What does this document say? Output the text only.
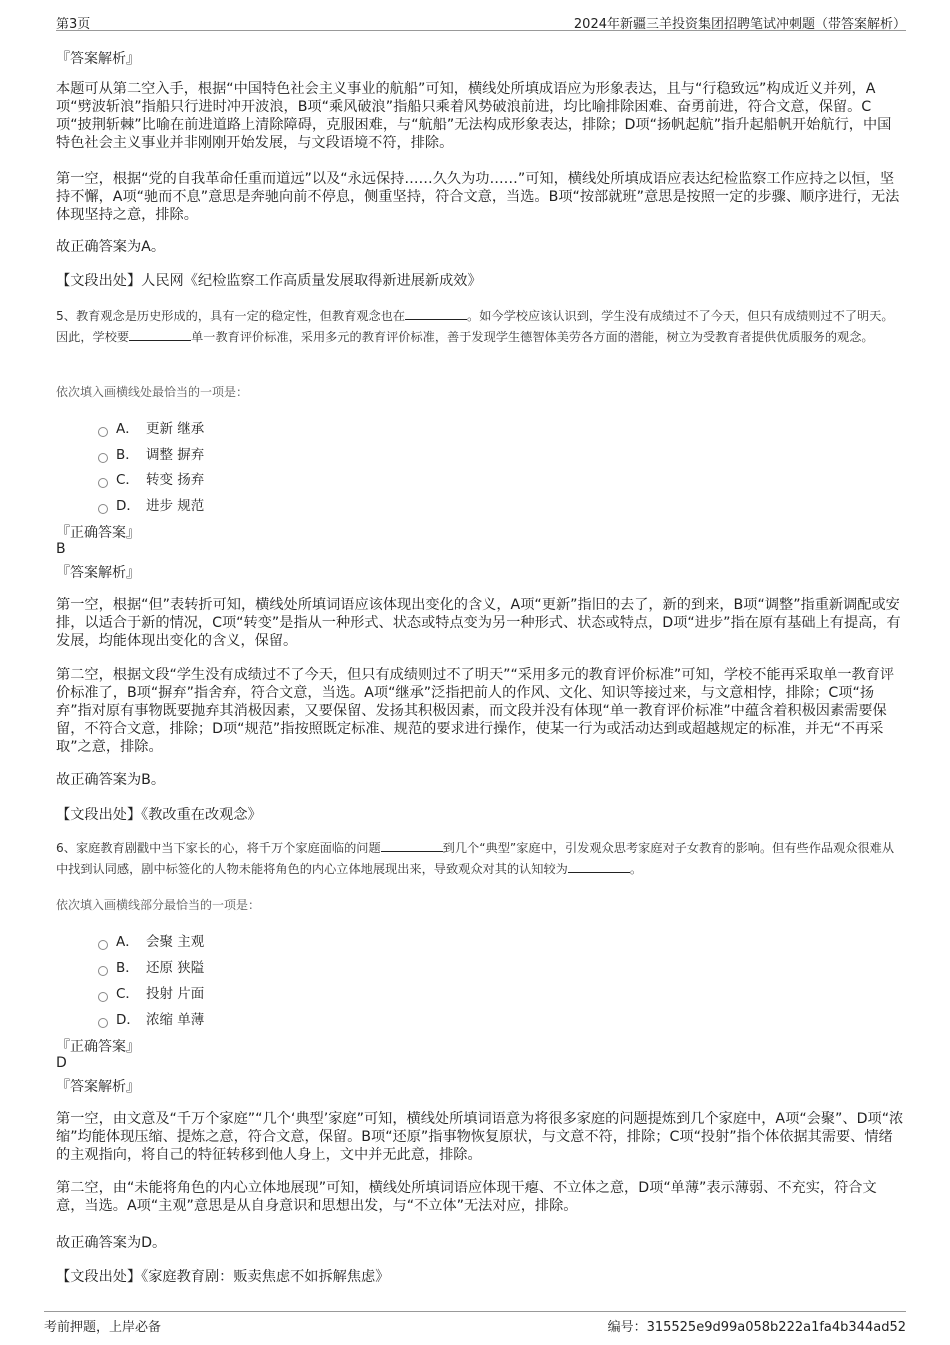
第3页	2024年新疆三羊投资集团招聘笔试冲刺题（带答案解析）
『答案解析』
本题可从第二空入手，根据“中国特色社会主义事业的航船”可知，横线处所填成语应为形象表达，且与“行稳致远”构成近义并列，A项“劈波斩浪”指船只行进时冲开波浪，B项“乘风破浪”指船只乘着风势破浪前进，均比喻排除困难、奋勇前进，符合文意，保留。C项“披荆斩棘”比喻在前进道路上清除障碍，克服困难，与“航船”无法构成形象表达，排除；D项“扬帆起航”指升起船帆开始航行，中国特色社会主义事业并非刚刚开始发展，与文段语境不符，排除。
第一空，根据“党的自我革命任重而道远”以及“永远保持……久久为功……”可知，横线处所填成语应表达纪检监察工作应持之以恒，坚持不懈，A项“驰而不息”意思是奔驰向前不停息，侧重坚持，符合文意，当选。B项“按部就班”意思是按照一定的步骤、顺序进行，无法体现坚持之意，排除。
故正确答案为A。
【文段出处】人民网《纪检监察工作高质量发展取得新进展新成效》
5、教育观念是历史形成的，具有一定的稳定性，但教育观念也在	。如今学校应该认识到，学生没有成绩过不了今天，但只有成绩则过不了明天。因此，学校要	单一教育评价标准，采用多元的教育评价标准，善于发现学生德智体美劳各方面的潜能，树立为受教育者提供优质服务的观念。
依次填入画横线处最恰当的一项是：
A． 更新 继承
B． 调整 摒弃
C． 转变 扬弃
D． 进步 规范
『正确答案』
B
『答案解析』
第一空，根据“但”表转折可知，横线处所填词语应该体现出变化的含义，A项“更新”指旧的去了，新的到来，B项“调整”指重新调配或安排，以适合于新的情况，C项“转变”是指从一种形式、状态或特点变为另一种形式、状态或特点，D项“进步”指在原有基础上有提高，有发展，均能体现出变化的含义，保留。
第二空，根据文段“学生没有成绩过不了今天，但只有成绩则过不了明天”“采用多元的教育评价标准”可知，学校不能再采取单一教育评价标准了，B项“摒弃”指舍弃，符合文意，当选。A项“继承”泛指把前人的作风、文化、知识等接过来，与文意相悖，排除；C项“扬弃”指对原有事物既要抛弃其消极因素，又要保留、发扬其积极因素，而文段并没有体现“单一教育评价标准”中蕴含着积极因素需要保留，不符合文意，排除；D项“规范”指按照既定标准、规范的要求进行操作，使某一行为或活动达到或超越规定的标准，并无“不再采取”之意，排除。
故正确答案为B。
【文段出处】《教改重在改观念》
6、家庭教育剧戳中当下家长的心，将千万个家庭面临的问题	到几个“典型”家庭中，引发观众思考家庭对子女教育的影响。但有些作品观众很难从中找到认同感，剧中标签化的人物未能将角色的内心立体地展现出来，导致观众对其的认知较为	。
依次填入画横线部分最恰当的一项是：
A． 会聚 主观
B． 还原 狭隘
C． 投射 片面
D． 浓缩 单薄
『正确答案』
D
『答案解析』
第一空，由文意及“千万个家庭”“几个‘典型’家庭”可知，横线处所填词语意为将很多家庭的问题提炼到几个家庭中，A项“会聚”、D项“浓缩”均能体现压缩、提炼之意，符合文意，保留。B项“还原”指事物恢复原状，与文意不符，排除；C项“投射”指个体依据其需要、情绪的主观指向，将自己的特征转移到他人身上，文中并无此意，排除。
第二空，由“未能将角色的内心立体地展现”可知，横线处所填词语应体现干瘪、不立体之意，D项“单薄”表示薄弱、不充实，符合文意，当选。A项“主观”意思是从自身意识和思想出发，与“不立体”无法对应，排除。
故正确答案为D。
【文段出处】《家庭教育剧：贩卖焦虑不如拆解焦虑》
考前押题，上岸必备	编号：315525e9d99a058b222a1fa4b344ad52
